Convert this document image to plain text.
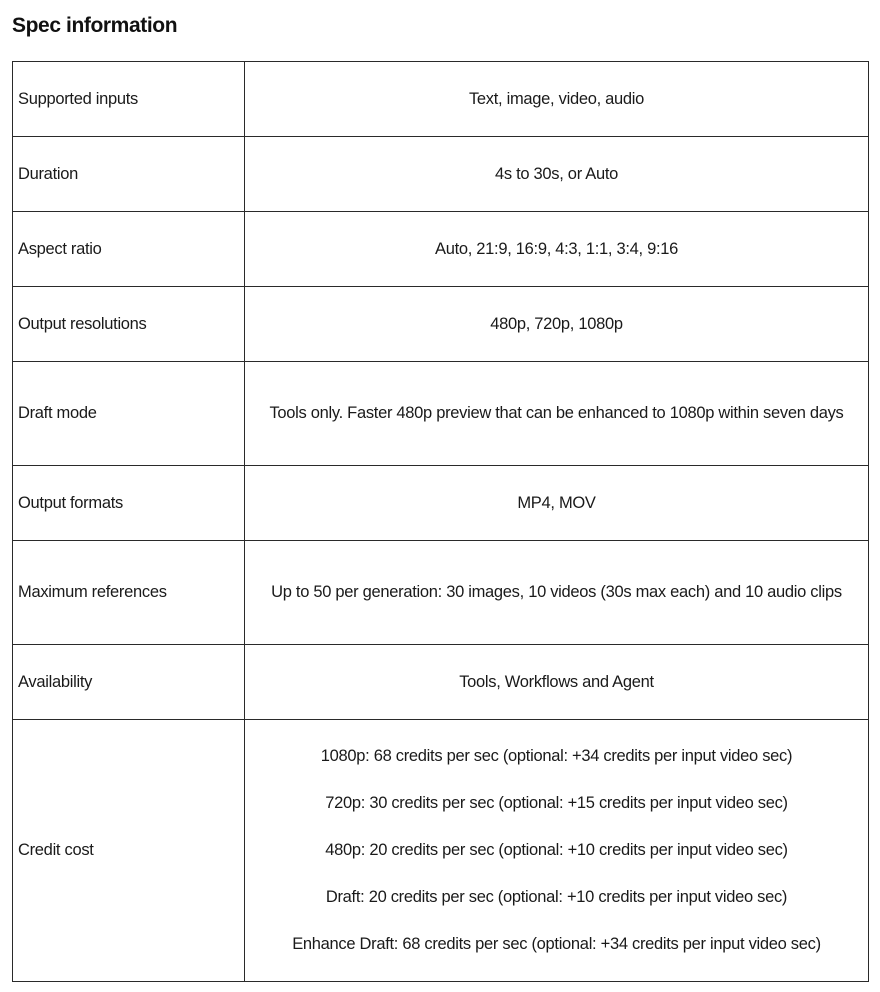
Spec information
Supported inputs	Text, image, video, audio
Duration	4s to 30s, or Auto
Aspect ratio	Auto, 21:9, 16:9, 4:3, 1:1, 3:4, 9:16
Output resolutions	480p, 720p, 1080p
Draft mode	Tools only. Faster 480p preview that can be enhanced to 1080p within seven days
Output formats	MP4, MOV
Maximum references	Up to 50 per generation: 30 images, 10 videos (30s max each) and 10 audio clips
Availability	Tools, Workflows and Agent
Credit cost	1080p: 68 credits per sec (optional: +34 credits per input video sec)
720p: 30 credits per sec (optional: +15 credits per input video sec)
480p: 20 credits per sec (optional: +10 credits per input video sec)
Draft: 20 credits per sec (optional: +10 credits per input video sec)
Enhance Draft: 68 credits per sec (optional: +34 credits per input video sec)
